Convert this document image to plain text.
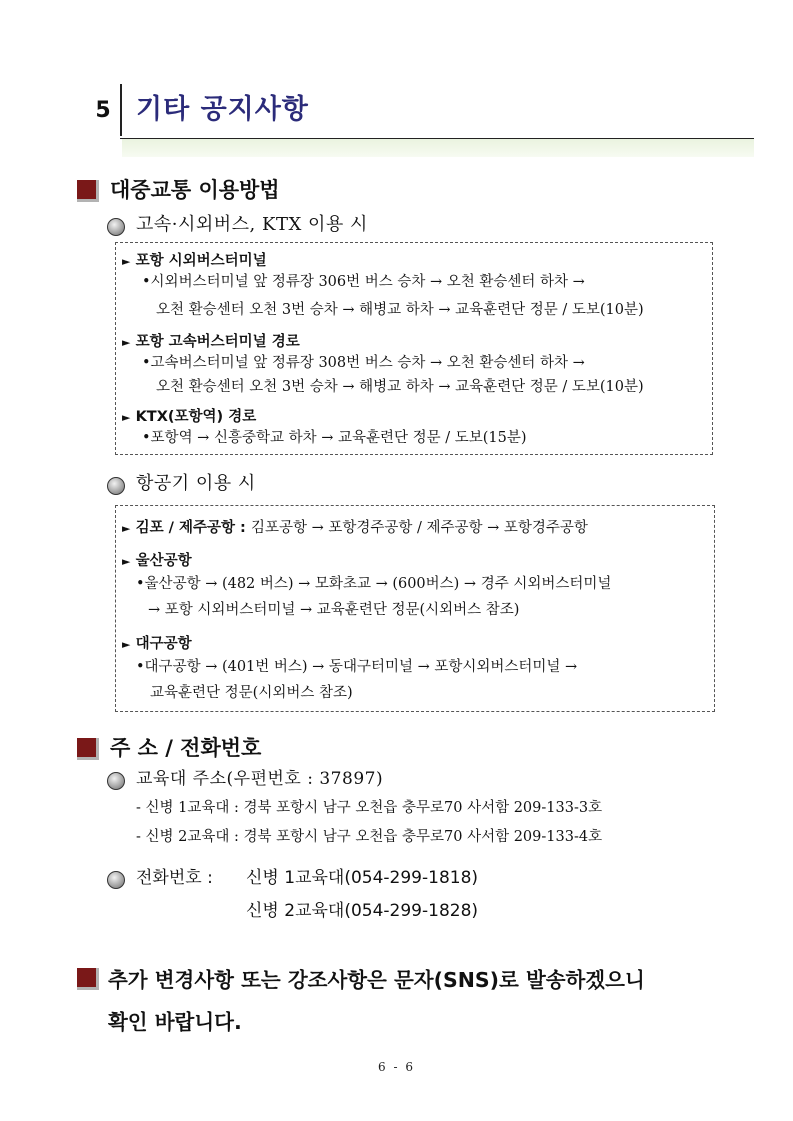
5 기타 공지사항
대중교통 이용방법
고속·시외버스, KTX 이용 시
► 포항 시외버스터미널
•시외버스터미널 앞 정류장 306번 버스 승차 → 오천 환승센터 하차 →
오천 환승센터 오천 3번 승차 → 해병교 하차 → 교육훈련단 정문 / 도보(10분)
► 포항 고속버스터미널 경로
•고속버스터미널 앞 정류장 308번 버스 승차 → 오천 환승센터 하차 →
오천 환승센터 오천 3번 승차 → 해병교 하차 → 교육훈련단 정문 / 도보(10분)
► KTX(포항역) 경로
•포항역 → 신흥중학교 하차 → 교육훈련단 정문 / 도보(15분)
항공기 이용 시
► 김포 / 제주공항 : 김포공항 → 포항경주공항 / 제주공항 → 포항경주공항
► 울산공항
•울산공항 → (482 버스) → 모화초교 → (600버스) → 경주 시외버스터미널
→ 포항 시외버스터미널 → 교육훈련단 정문(시외버스 참조)
► 대구공항
•대구공항 → (401번 버스) → 동대구터미널 → 포항시외버스터미널 →
교육훈련단 정문(시외버스 참조)
주 소 / 전화번호
교육대 주소(우편번호 : 37897)
- 신병 1교육대 : 경북 포항시 남구 오천읍 충무로70 사서함 209-133-3호
- 신병 2교육대 : 경북 포항시 남구 오천읍 충무로70 사서함 209-133-4호
전화번호 : 신병 1교육대(054-299-1818)
신병 2교육대(054-299-1828)
추가 변경사항 또는 강조사항은 문자(SNS)로 발송하겠으니
확인 바랍니다.
6 - 6
